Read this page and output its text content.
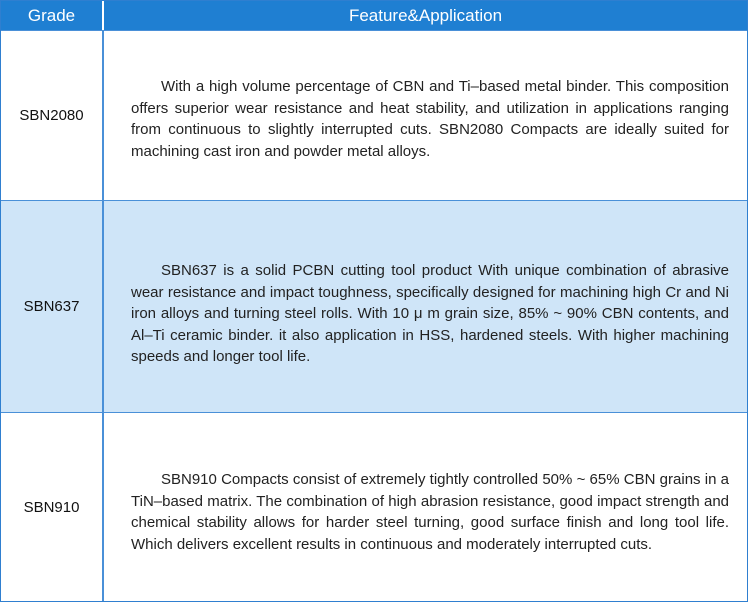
Grade	Feature&Application
SBN2080
With a high volume percentage of CBN and Ti–based metal binder. This composition offers superior wear resistance and heat stability, and utilization in applications ranging from continuous to slightly interrupted cuts. SBN2080 Compacts are ideally suited for machining cast iron and powder metal alloys.
SBN637
SBN637 is a solid PCBN cutting tool product With unique combination of abrasive wear resistance and impact toughness, specifically designed for machining high Cr and Ni iron alloys and turning steel rolls. With 10 μ m grain size, 85% ~ 90% CBN contents, and Al–Ti ceramic binder. it also application in HSS, hardened steels. With higher machining speeds and longer tool life.
SBN910
SBN910 Compacts consist of extremely tightly controlled 50% ~ 65% CBN grains in a TiN–based matrix. The combination of high abrasion resistance, good impact strength and chemical stability allows for harder steel turning, good surface finish and long tool life. Which delivers excellent results in continuous and moderately interrupted cuts.
